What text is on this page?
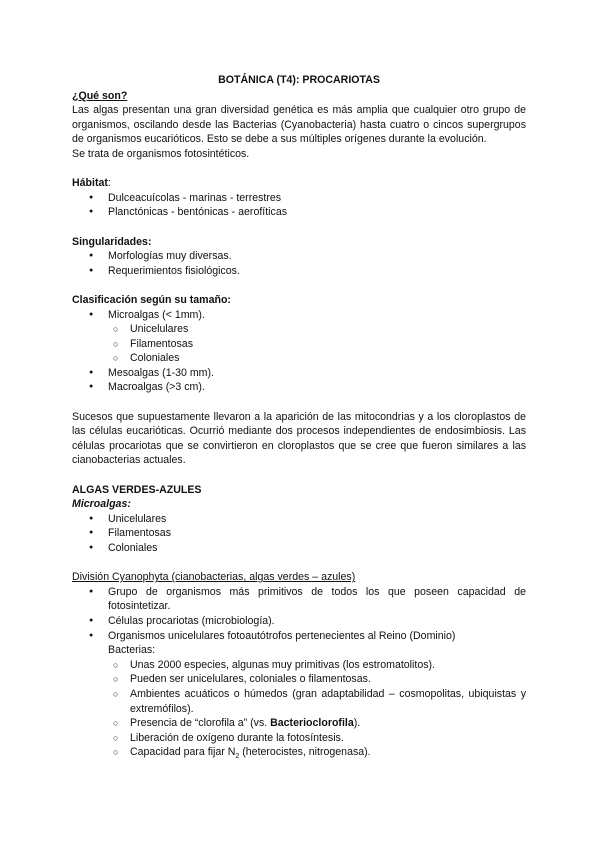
BOTÁNICA (T4): PROCARIOTAS

¿Qué son?

Las algas presentan una gran diversidad genética es más amplia que cualquier otro grupo de organismos, oscilando desde las Bacterias (Cyanobacteria) hasta cuatro o cincos supergrupos de organismos eucarióticos. Esto se debe a sus múltiples orígenes durante la evolución.

Se trata de organismos fotosintéticos.

Hábitat:

● Dulceacuícolas - marinas - terrestres
● Planctónicas - bentónicas - aerofíticas

Singularidades:

● Morfologías muy diversas.
● Requerimientos fisiológicos.

Clasificación según su tamaño:

● Microalgas (< 1mm).
○ Unicelulares
○ Filamentosas
○ Coloniales
● Mesoalgas (1-30 mm).
● Macroalgas (>3 cm).

Sucesos que supuestamente llevaron a la aparición de las mitocondrias y a los cloroplastos de las células eucarióticas. Ocurrió mediante dos procesos independientes de endosimbiosis. Las células procariotas que se convirtieron en cloroplastos que se cree que fueron similares a las cianobacterias actuales.

ALGAS VERDES-AZULES

Microalgas:

● Unicelulares
● Filamentosas
● Coloniales

División Cyanophyta (cianobacterias, algas verdes – azules)

● Grupo de organismos más primitivos de todos los que poseen capacidad de fotosintetizar.
● Células procariotas (microbiología).
● Organismos unicelulares fotoautótrofos pertenecientes al Reino (Dominio)
Bacterias:
○ Unas 2000 especies, algunas muy primitivas (los estromatolitos).
○ Pueden ser unicelulares, coloniales o filamentosas.
○ Ambientes acuáticos o húmedos (gran adaptabilidad – cosmopolitas, ubiquistas y extremófilos).
○ Presencia de “clorofila a” (vs. Bacterioclorofila).
○ Liberación de oxígeno durante la fotosíntesis.
○ Capacidad para fijar $N_2$ (heterocistes, nitrogenasa).
